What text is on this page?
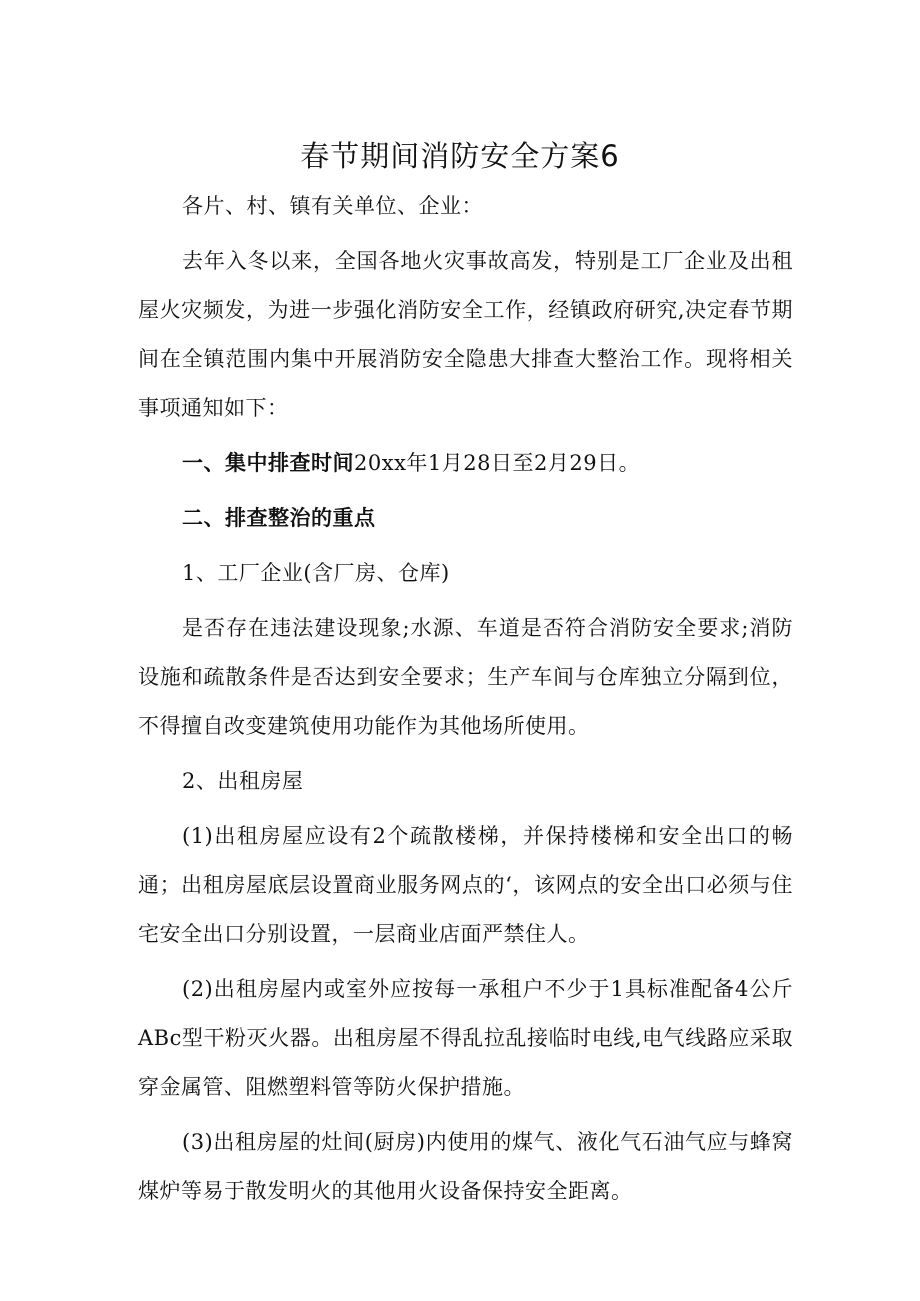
春节期间消防安全方案6

各片、村、镇有关单位、企业：

去年入冬以来，全国各地火灾事故高发，特别是工厂企业及出租屋火灾频发，为进一步强化消防安全工作，经镇政府研究,决定春节期间在全镇范围内集中开展消防安全隐患大排查大整治工作。现将相关事项通知如下：

一、集中排查时间20xx年1月28日至2月29日。

二、排查整治的重点

1、工厂企业(含厂房、仓库)

是否存在违法建设现象;水源、车道是否符合消防安全要求;消防设施和疏散条件是否达到安全要求；生产车间与仓库独立分隔到位，不得擅自改变建筑使用功能作为其他场所使用。

2、出租房屋

(1)出租房屋应设有2个疏散楼梯，并保持楼梯和安全出口的畅通；出租房屋底层设置商业服务网点的‘，该网点的安全出口必须与住宅安全出口分别设置，一层商业店面严禁住人。

(2)出租房屋内或室外应按每一承租户不少于1具标准配备4公斤ABc型干粉灭火器。出租房屋不得乱拉乱接临时电线,电气线路应采取穿金属管、阻燃塑料管等防火保护措施。

(3)出租房屋的灶间(厨房)内使用的煤气、液化气石油气应与蜂窝煤炉等易于散发明火的其他用火设备保持安全距离。
